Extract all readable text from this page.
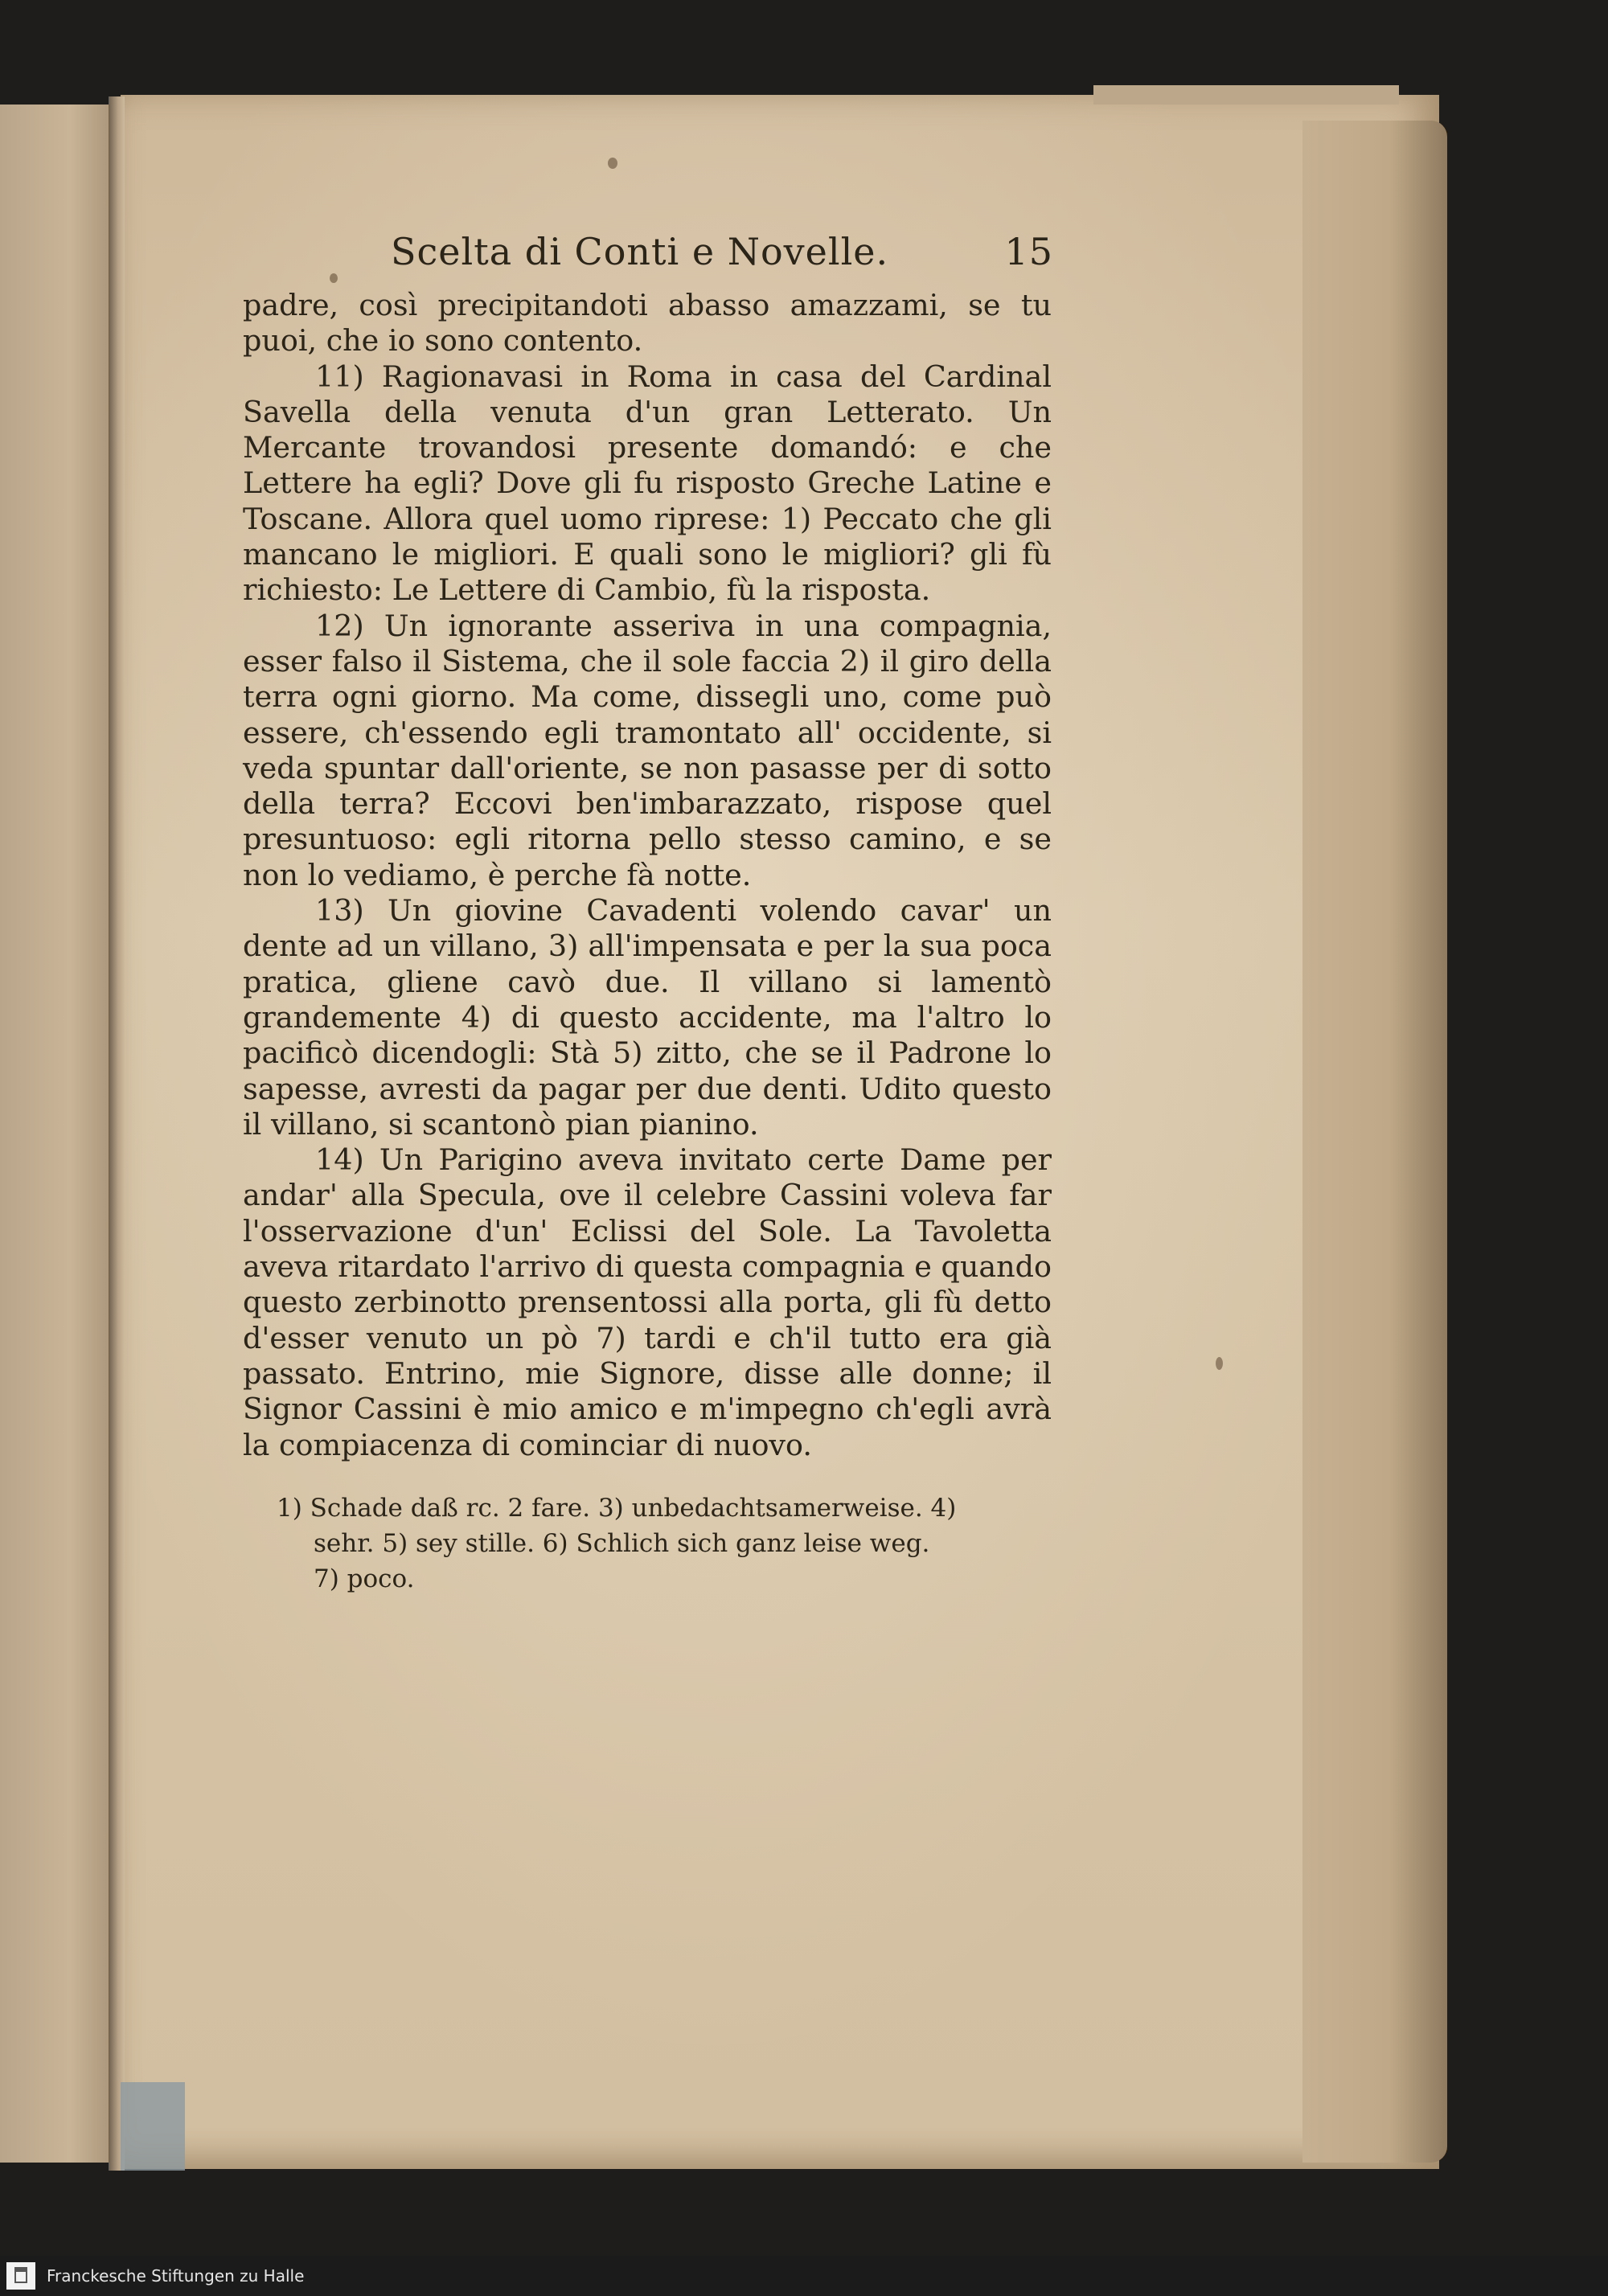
Scelta di Conti e Novelle.	15

padre, così precipitandoti abasso amazzami, se tu puoi, che io sono contento.

11) Ragionavasi in Roma in casa del Cardinal Savella della venuta d'un gran Letterato. Un Mercante trovandosi presente domandó: e che Lettere ha egli? Dove gli fu risposto Greche Latine e Toscane. Allora quel uomo riprese: 1) Peccato che gli mancano le migliori. E quali sono le migliori? gli fù richiesto: Le Lettere di Cambio, fù la risposta.

12) Un ignorante asseriva in una compagnia, esser falso il Sistema, che il sole faccia 2) il giro della terra ogni giorno. Ma come, dissegli uno, come può essere, ch'essendo egli tramontato all' occidente, si veda spuntar dall'oriente, se non pasasse per di sotto della terra? Eccovi ben'imbarazzato, rispose quel presuntuoso: egli ritorna pello stesso camino, e se non lo vediamo, è perche fà notte.

13) Un giovine Cavadenti volendo cavar' un dente ad un villano, 3) all'impensata e per la sua poca pratica, gliene cavò due. Il villano si lamentò grandemente 4) di questo accidente, ma l'altro lo pacificò dicendogli: Stà 5) zitto, che se il Padrone lo sapesse, avresti da pagar per due denti. Udito questo il villano, si scantonò pian pianino.

14) Un Parigino aveva invitato certe Dame per andar' alla Specula, ove il celebre Cassini voleva far l'osservazione d'un' Eclissi del Sole. La Tavoletta aveva ritardato l'arrivo di questa compagnia e quando questo zerbinotto prensentossi alla porta, gli fù detto d'esser venuto un pò 7) tardi e ch'il tutto era già passato. Entrino, mie Signore, disse alle donne; il Signor Cassini è mio amico e m'impegno ch'egli avrà la compiacenza di cominciar di nuovo.

1) Schade daß rc. 2 fare. 3) unbedachtsamerweise. 4)
sehr. 5) sey stille. 6) Schlich sich ganz leise weg.
7) poco.
Franckesche Stiftungen zu Halle
